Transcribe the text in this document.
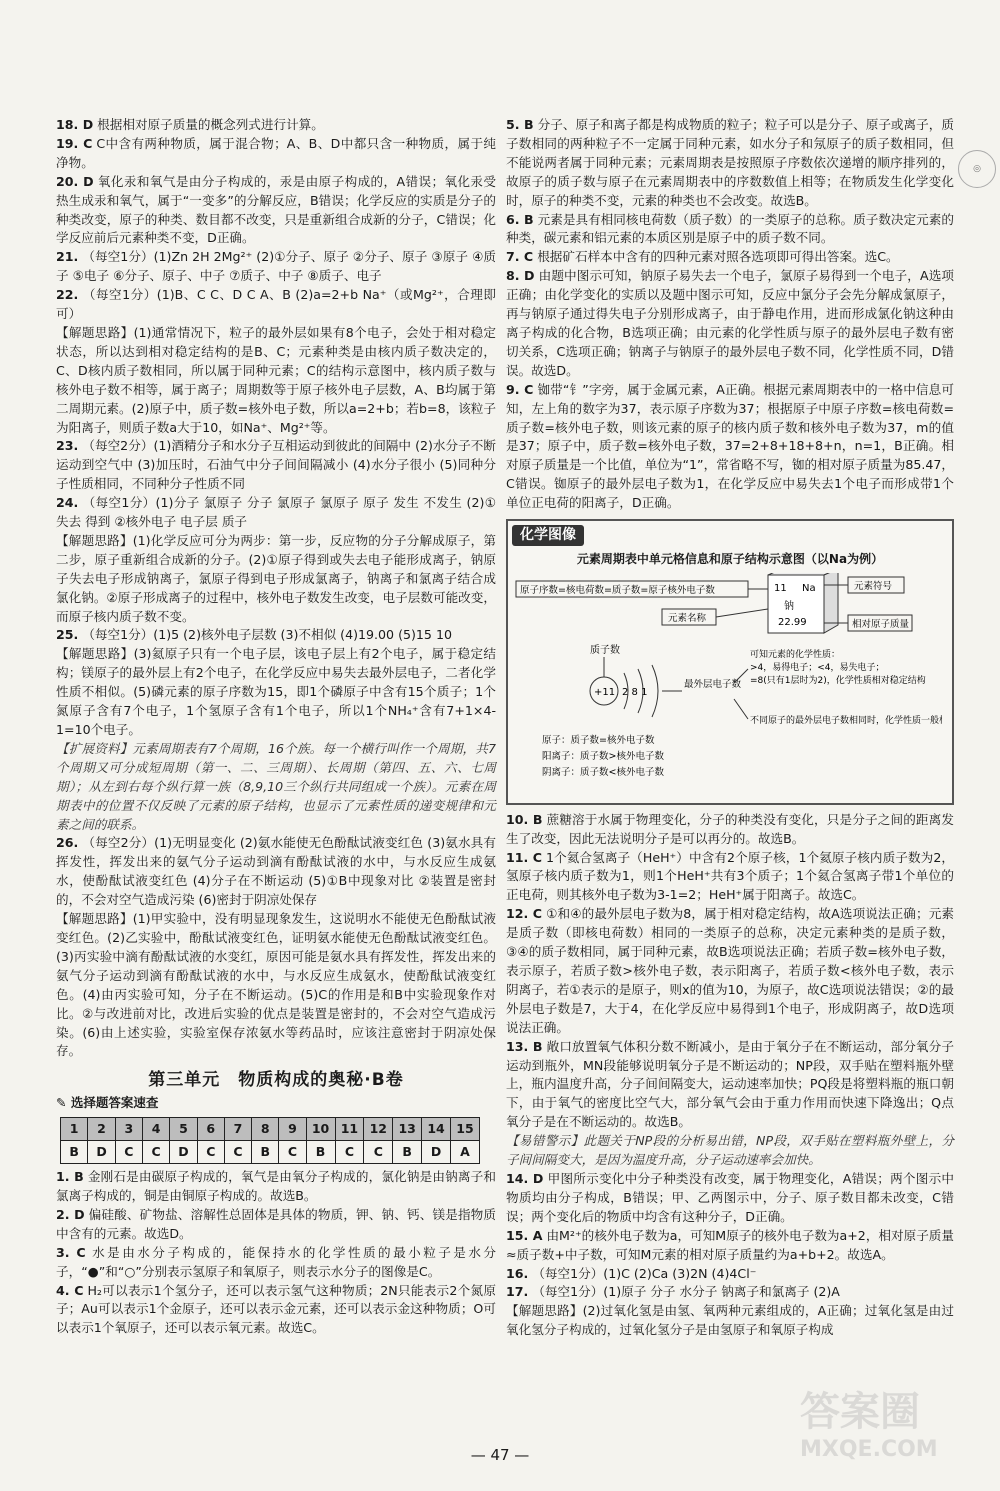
◎

18. D 根据相对原子质量的概念列式进行计算。

19. C C中含有两种物质，属于混合物；A、B、D中都只含一种物质，属于纯净物。

20. D 氧化汞和氧气是由分子构成的，汞是由原子构成的，A错误；氧化汞受热生成汞和氧气，属于“一变多”的分解反应，B错误；化学反应的实质是分子的种类改变，原子的种类、数目都不改变，只是重新组合成新的分子，C错误；化学反应前后元素种类不变，D正确。

21. （每空1分）(1)Zn 2H 2Mg²⁺ (2)①分子、原子 ②分子、原子 ③原子 ④质子 ⑤电子 ⑥分子、原子、中子 ⑦质子、中子 ⑧质子、电子

22. （每空1分）(1)B、C C、D C A、B (2)a=2+b Na⁺（或Mg²⁺，合理即可）

【解题思路】(1)通常情况下，粒子的最外层如果有8个电子，会处于相对稳定状态，所以达到相对稳定结构的是B、C；元素种类是由核内质子数决定的，C、D核内质子数相同，所以属于同种元素；C的结构示意图中，核内质子数与核外电子数不相等，属于离子；周期数等于原子核外电子层数，A、B均属于第二周期元素。(2)原子中，质子数=核外电子数，所以a=2+b；若b=8，该粒子为阳离子，则质子数a大于10，如Na⁺、Mg²⁺等。

23. （每空2分）(1)酒精分子和水分子互相运动到彼此的间隔中 (2)水分子不断运动到空气中 (3)加压时，石油气中分子间间隔减小 (4)水分子很小 (5)同种分子性质相同，不同种分子性质不同

24. （每空1分）(1)分子 氯原子 分子 氯原子 氯原子 原子 发生 不发生 (2)①失去 得到 ②核外电子 电子层 质子

【解题思路】(1)化学反应可分为两步：第一步，反应物的分子分解成原子，第二步，原子重新组合成新的分子。(2)①原子得到或失去电子能形成离子，钠原子失去电子形成钠离子，氯原子得到电子形成氯离子，钠离子和氯离子结合成氯化钠。②原子形成离子的过程中，核外电子数发生改变，电子层数可能改变，而原子核内质子数不变。

25. （每空1分）(1)5 (2)核外电子层数 (3)不相似 (4)19.00 (5)15 10

【解题思路】(3)氦原子只有一个电子层，该电子层上有2个电子，属于稳定结构；镁原子的最外层上有2个电子，在化学反应中易失去最外层电子，二者化学性质不相似。(5)磷元素的原子序数为15，即1个磷原子中含有15个质子；1个氮原子含有7个电子，1个氢原子含有1个电子，所以1个NH₄⁺含有7+1×4-1=10个电子。

【扩展资料】元素周期表有7个周期，16个族。每一个横行叫作一个周期，共7个周期又可分成短周期（第一、二、三周期）、长周期（第四、五、六、七周期）；从左到右每个纵行算一族（8,9,10三个纵行共同组成一个族）。元素在周期表中的位置不仅反映了元素的原子结构，也显示了元素性质的递变规律和元素之间的联系。

26. （每空2分）(1)无明显变化 (2)氨水能使无色酚酞试液变红色 (3)氨水具有挥发性，挥发出来的氨气分子运动到滴有酚酞试液的水中，与水反应生成氨水，使酚酞试液变红色 (4)分子在不断运动 (5)①B中现象对比 ②装置是密封的，不会对空气造成污染 (6)密封于阴凉处保存

【解题思路】(1)甲实验中，没有明显现象发生，这说明水不能使无色酚酞试液变红色。(2)乙实验中，酚酞试液变红色，证明氨水能使无色酚酞试液变红色。(3)丙实验中滴有酚酞试液的水变红，原因可能是氨水具有挥发性，挥发出来的氨气分子运动到滴有酚酞试液的水中，与水反应生成氨水，使酚酞试液变红色。(4)由丙实验可知，分子在不断运动。(5)C的作用是和B中实验现象作对比。②与改进前对比，改进后实验的优点是装置是密封的，不会对空气造成污染。(6)由上述实验，实验室保存浓氨水等药品时，应该注意密封于阴凉处保存。

第三单元　物质构成的奥秘·B卷
✎ 选择题答案速查
1	2	3	4	5	6	7	8	9	10	11	12	13	14	15
B	D	C	C	D	C	C	B	C	B	C	C	B	D	A

1. B 金刚石是由碳原子构成的，氧气是由氧分子构成的，氯化钠是由钠离子和氯离子构成的，铜是由铜原子构成的。故选B。

2. D 偏硅酸、矿物盐、溶解性总固体是具体的物质，钾、钠、钙、镁是指物质中含有的元素。故选D。

3. C 水是由水分子构成的，能保持水的化学性质的最小粒子是水分子，“●”和“○”分别表示氢原子和氧原子，则表示水分子的图像是C。

4. C H₂可以表示1个氢分子，还可以表示氢气这种物质；2N只能表示2个氮原子；Au可以表示1个金原子，还可以表示金元素，还可以表示金这种物质；O可以表示1个氧原子，还可以表示氧元素。故选C。

5. B 分子、原子和离子都是构成物质的粒子；粒子可以是分子、原子或离子，质子数相同的两种粒子不一定属于同种元素，如水分子和氖原子的质子数相同，但不能说两者属于同种元素；元素周期表是按照原子序数依次递增的顺序排列的，故原子的质子数与原子在元素周期表中的序数数值上相等；在物质发生化学变化时，原子的种类不变，元素的种类也不会改变。故选B。

6. B 元素是具有相同核电荷数（质子数）的一类原子的总称。质子数决定元素的种类，碳元素和铝元素的本质区别是原子中的质子数不同。

7. C 根据矿石样本中含有的四种元素对照各选项即可得出答案。选C。

8. D 由题中图示可知，钠原子易失去一个电子，氯原子易得到一个电子，A选项正确；由化学变化的实质以及题中图示可知，反应中氯分子会先分解成氯原子，再与钠原子通过得失电子分别形成离子，由于静电作用，进而形成氯化钠这种由离子构成的化合物，B选项正确；由元素的化学性质与原子的最外层电子数有密切关系，C选项正确；钠离子与钠原子的最外层电子数不同，化学性质不同，D错误。故选D。

9. C 铷带“钅”字旁，属于金属元素，A正确。根据元素周期表中的一格中信息可知，左上角的数字为37，表示原子序数为37；根据原子中原子序数=核电荷数=质子数=核外电子数，则该元素的原子的核内质子数和核外电子数为37，m的值是37；原子中，质子数=核外电子数，37=2+8+18+8+n，n=1，B正确。相对原子质量是一个比值，单位为“1”，常省略不写，铷的相对原子质量为85.47，C错误。铷原子的最外层电子数为1，在化学反应中易失去1个电子而形成带1个单位正电荷的阳离子，D正确。

化学图像
元素周期表中单元格信息和原子结构示意图（以Na为例）
原子序数=核电荷数=质子数=原子核外电子数	11 Na
钠
22.99
元素符号
相对原子质量
元素名称
质子数
+11 2 8 1
最外层电子数
可知元素的化学性质：
>4，易得电子；<4，易失电子；
=8(只有1层时为2)，化学性质相对稳定结构
不同原子的最外层电子数相同时，化学性质一般相似
原子：质子数=核外电子数
阳离子：质子数>核外电子数
阴离子：质子数<核外电子数

10. B 蔗糖溶于水属于物理变化，分子的种类没有变化，只是分子之间的距离发生了改变，因此无法说明分子是可以再分的。故选B。

11. C 1个氦合氢离子（HeH⁺）中含有2个原子核，1个氦原子核内质子数为2，氢原子核内质子数为1，则1个HeH⁺共有3个质子；1个氦合氢离子带1个单位的正电荷，则其核外电子数为3-1=2；HeH⁺属于阳离子。故选C。

12. C ①和④的最外层电子数为8，属于相对稳定结构，故A选项说法正确；元素是质子数（即核电荷数）相同的一类原子的总称，决定元素种类的是质子数，③④的质子数相同，属于同种元素，故B选项说法正确；若质子数=核外电子数，表示原子，若质子数>核外电子数，表示阳离子，若质子数<核外电子数，表示阴离子，若①表示的是原子，则x的值为10，为原子，故C选项说法错误；②的最外层电子数是7，大于4，在化学反应中易得到1个电子，形成阴离子，故D选项说法正确。

13. B 敞口放置氧气体积分数不断减小，是由于氧分子在不断运动，部分氧分子运动到瓶外，MN段能够说明氧分子是不断运动的；NP段，双手贴在塑料瓶外壁上，瓶内温度升高，分子间间隔变大，运动速率加快；PQ段是将塑料瓶的瓶口朝下，由于氧气的密度比空气大，部分氧气会由于重力作用而快速下降逸出；Q点氧分子是在不断运动的。故选B。

【易错警示】此题关于NP段的分析易出错，NP段，双手贴在塑料瓶外壁上，分子间间隔变大，是因为温度升高，分子运动速率会加快。

14. D 甲图所示变化中分子种类没有改变，属于物理变化，A错误；两个图示中物质均由分子构成，B错误；甲、乙两图示中，分子、原子数目都未改变，C错误；两个变化后的物质中均含有这种分子，D正确。

15. A 由M²⁺的核外电子数为a，可知M原子的核外电子数为a+2，相对原子质量≈质子数+中子数，可知M元素的相对原子质量约为a+b+2。故选A。

16. （每空1分）(1)C (2)Ca (3)2N (4)4Cl⁻

17. （每空1分）(1)原子 分子 水分子 钠离子和氯离子 (2)A

【解题思路】(2)过氧化氢是由氢、氧两种元素组成的，A正确；过氧化氢是由过氧化氢分子构成的，过氧化氢分子是由氢原子和氧原子构成

— 47 —
答案圈
MXQE.COM
